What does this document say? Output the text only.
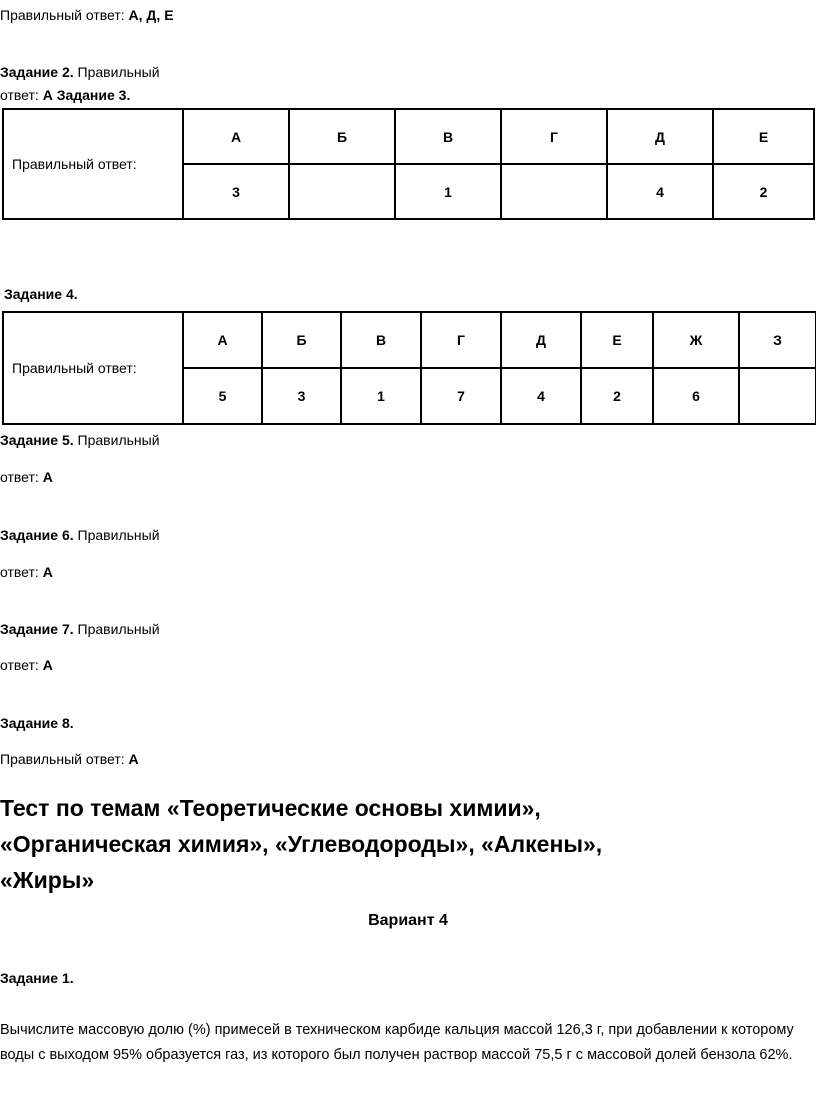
Правильный ответ: А, Д, Е
Задание 2. Правильный
ответ: А Задание 3.
Правильный ответ:	А	Б	В	Г	Д	Е
	3		1		4	2
Задание 4.
Правильный ответ:	А	Б	В	Г	Д	Е	Ж	З
	5	3	1	7	4	2	6	
Задание 5. Правильный
ответ: А
Задание 6. Правильный
ответ: А
Задание 7. Правильный
ответ: А
Задание 8.
Правильный ответ: А
Тест по темам «Теоретические основы химии»,
«Органическая химия», «Углеводороды», «Алкены»,
«Жиры»
Вариант 4
Задание 1.
Вычислите массовую долю (%) примесей в техническом карбиде кальция массой 126,3 г, при добавлении к которому воды с выходом 95% образуется газ, из которого был получен раствор массой 75,5 г с массовой долей бензола 62%.
